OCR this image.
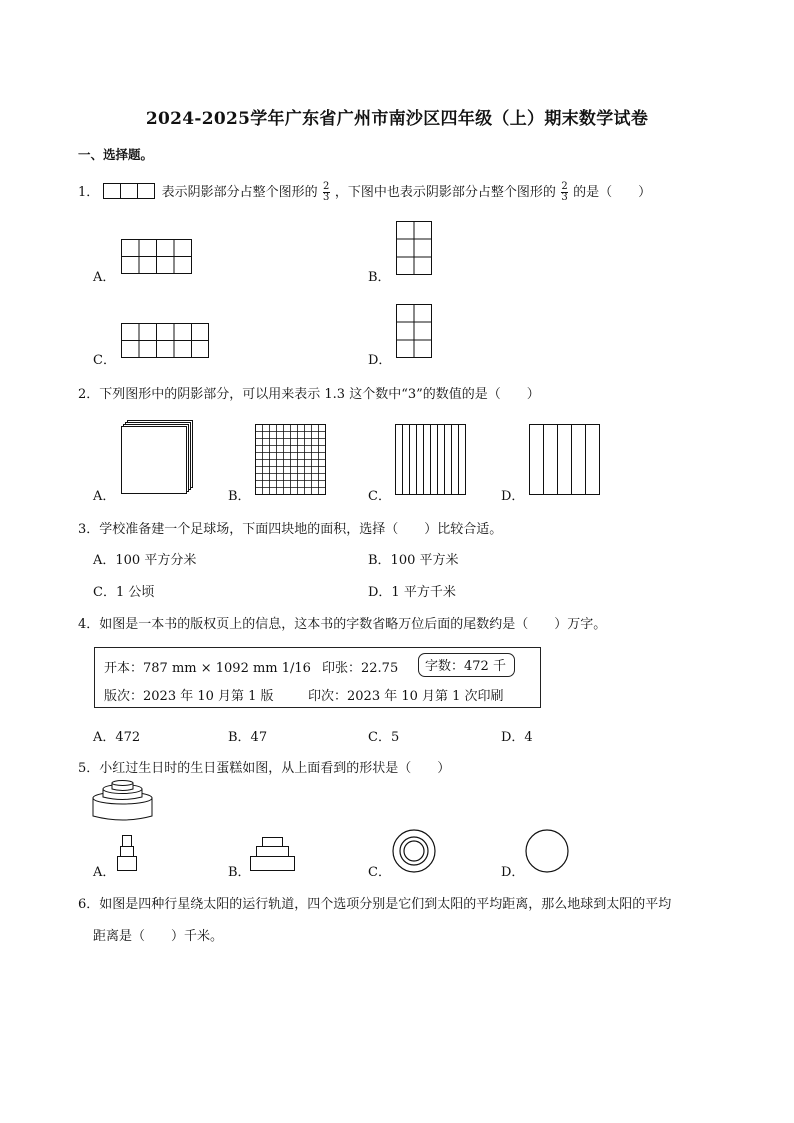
2024-2025学年广东省广州市南沙区四年级（上）期末数学试卷
一、选择题。
1．	表示阴影部分占整个图形的 $\frac{2}{3}$ ，下图中也表示阴影部分占整个图形的 $\frac{2}{3}$ 的是（　　）
A．	B．
C．	D．
2．下列图形中的阴影部分，可以用来表示 1.3 这个数中“3”的数值的是（　　）
A．	B．	C．	D．
3．学校准备建一个足球场，下面四块地的面积，选择（　　）比较合适。
A．100 平方分米	B．100 平方米
C．1 公顷	D．1 平方千米
4．如图是一本书的版权页上的信息，这本书的字数省略万位后面的尾数约是（　　）万字。
开本：787 mm × 1092 mm 1/16 印张：22.75	字数：472 千
版次：2023 年 10 月第 1 版	印次：2023 年 10 月第 1 次印刷
A．472	B．47	C．5	D．4
5．小红过生日时的生日蛋糕如图，从上面看到的形状是（　　）
A．	B．	C．	D．
6．如图是四种行星绕太阳的运行轨道，四个选项分别是它们到太阳的平均距离，那么地球到太阳的平均
距离是（　　）千米。
